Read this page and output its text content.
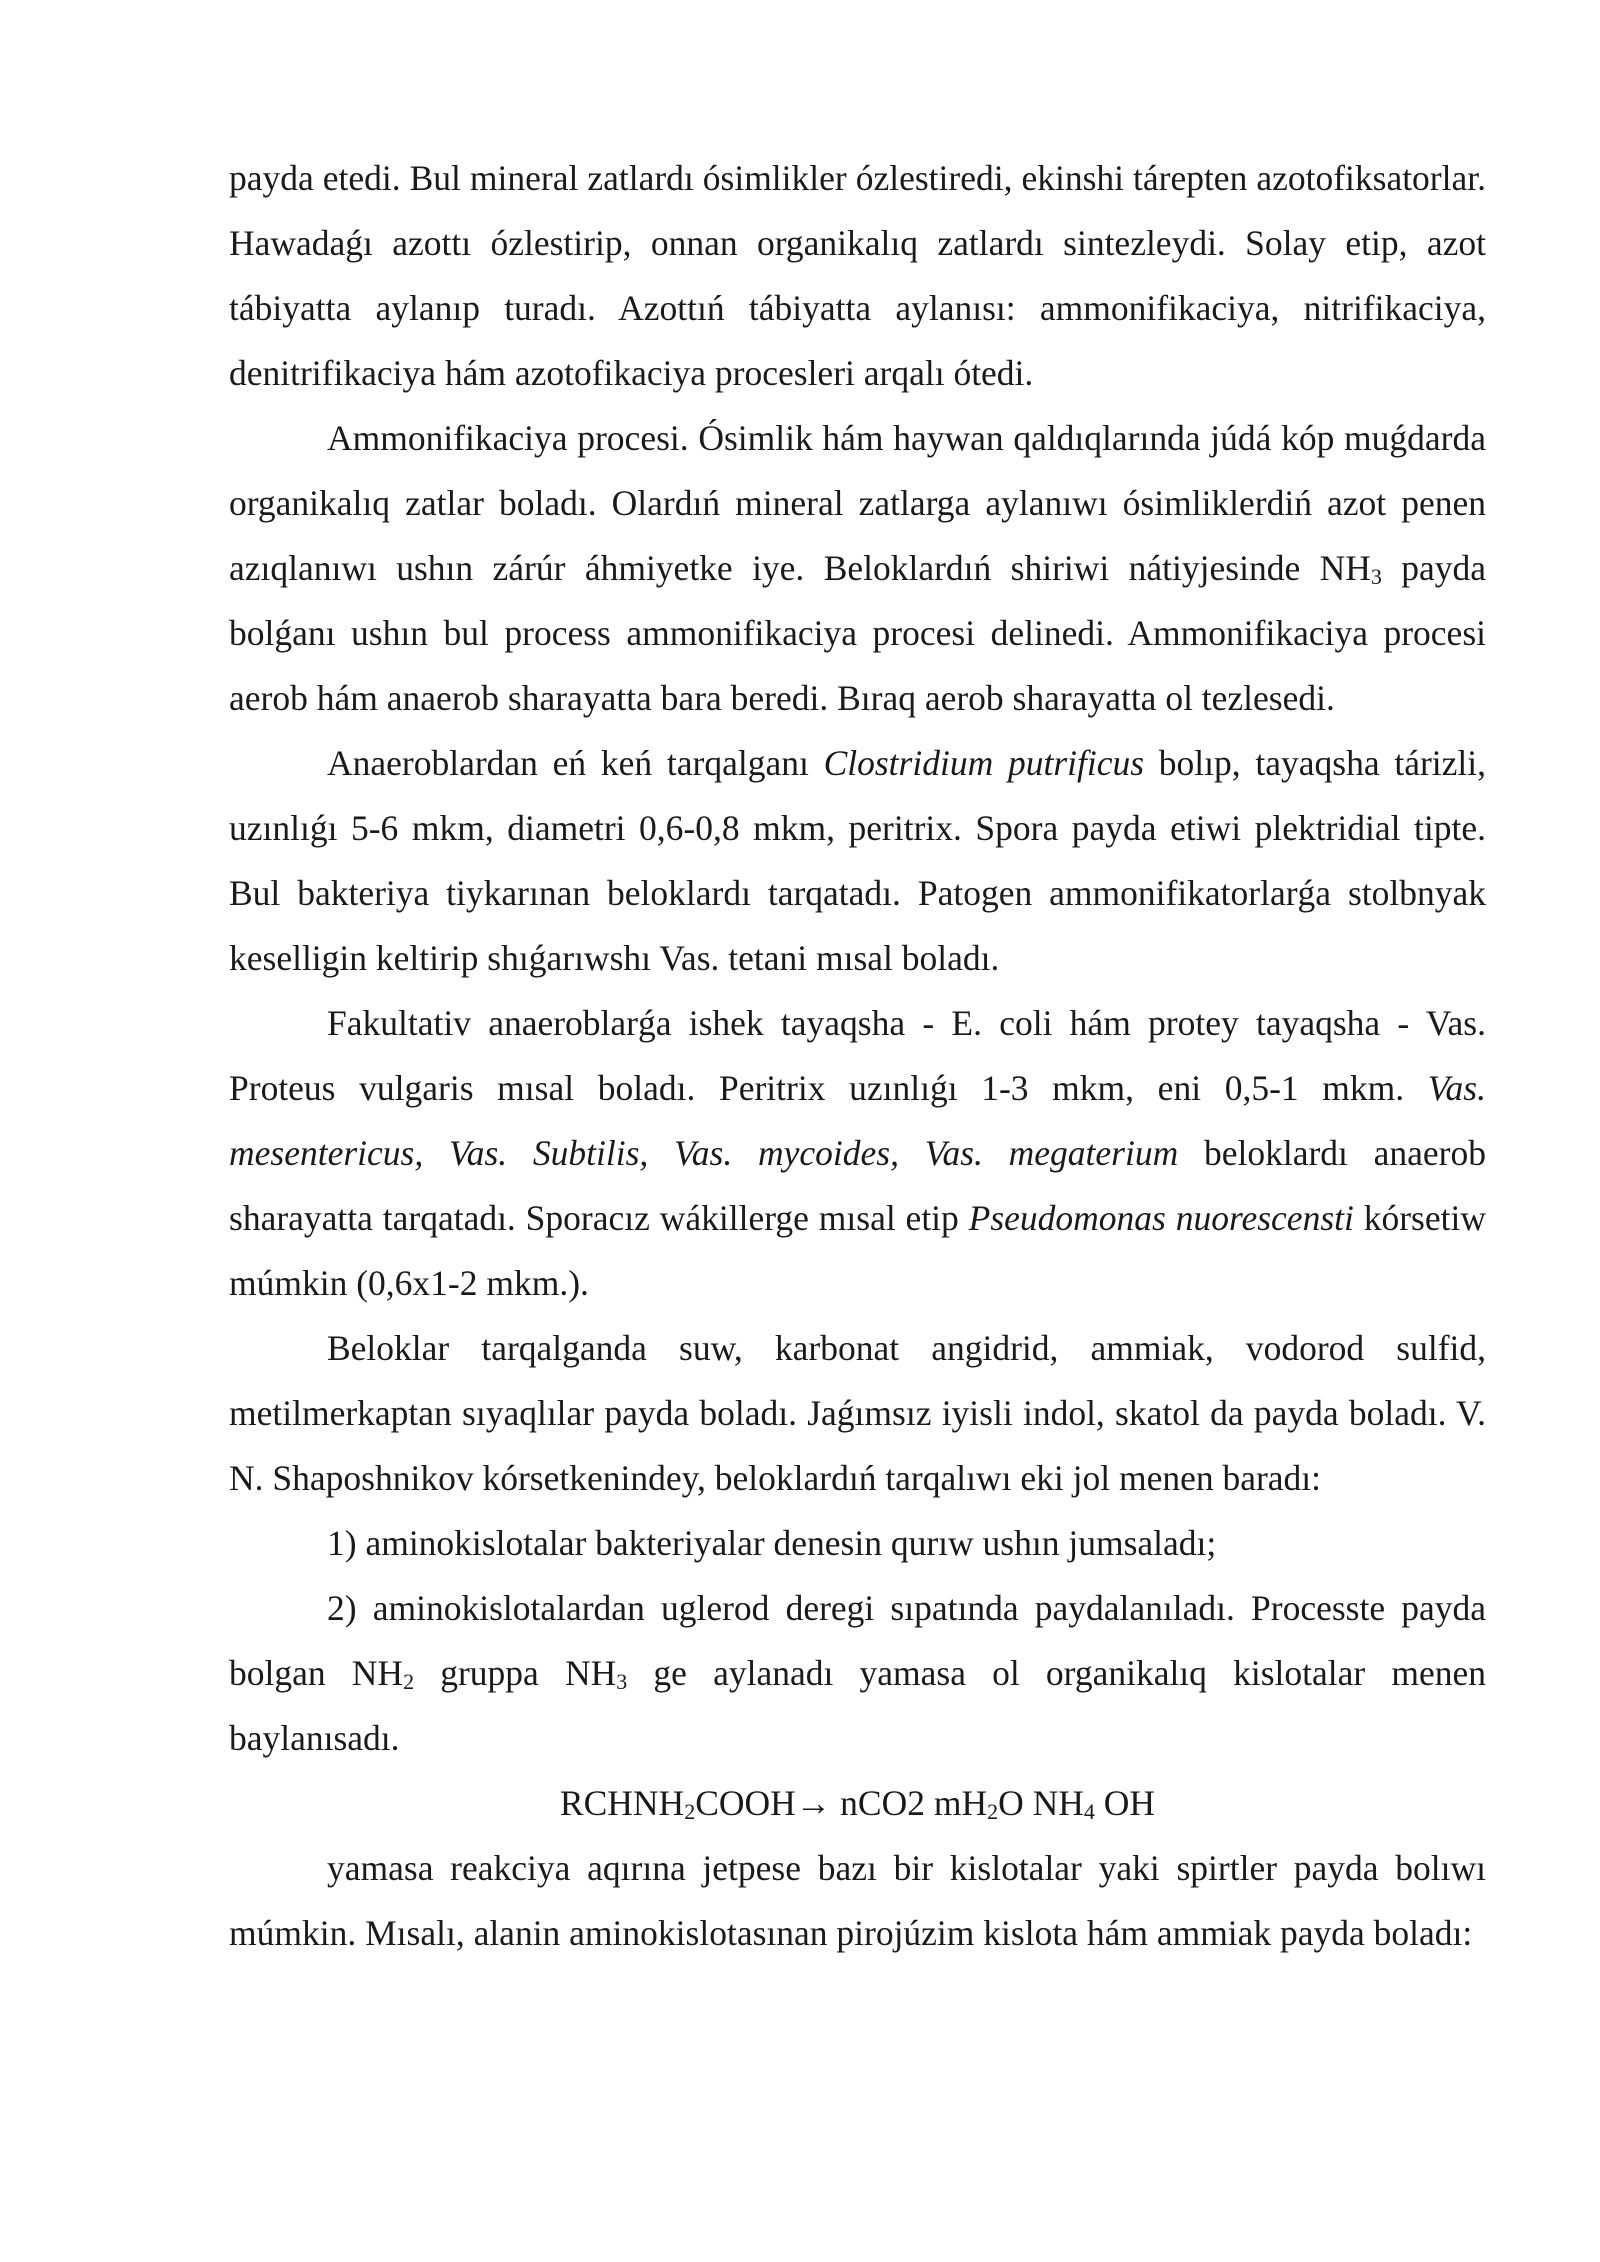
payda etedi. Bul mineral zatlardı ósimlikler ózlestiredi, ekinshi tárepten azotofiksatorlar. Hawadaǵı azottı ózlestirip, onnan organikalıq zatlardı sintezleydi. Solay etip, azot tábiyatta aylanıp turadı. Azottıń tábiyatta aylanısı: ammonifikaciya, nitrifikaciya, denitrifikaciya hám azotofikaciya procesleri arqalı ótedi.

Ammonifikaciya procesi. Ósimlik hám haywan qaldıqlarında júdá kóp muǵdarda organikalıq zatlar boladı. Olardıń mineral zatlarga aylanıwı ósimliklerdiń azot penen azıqlanıwı ushın zárúr áhmiyetke iye. Beloklardıń shiriwi nátiyjesinde $NH_3$ payda bolǵanı ushın bul process ammonifikaciya procesi delinedi. Ammonifikaciya procesi aerob hám anaerob sharayatta bara beredi. Bıraq aerob sharayatta ol tezlesedi.

Anaeroblardan eń keń tarqalganı Clostridium putrificus bolıp, tayaqsha tárizli, uzınlıǵı 5-6 mkm, diametri 0,6-0,8 mkm, peritrix. Spora payda etiwi plektridial tipte. Bul bakteriya tiykarınan beloklardı tarqatadı. Patogen ammonifikatorlarǵa stolbnyak keselligin keltirip shıǵarıwshı Vas. tetani mısal boladı.

Fakultativ anaeroblarǵa ishek tayaqsha - E. coli hám protey tayaqsha - Vas. Proteus vulgaris mısal boladı. Peritrix uzınlıǵı 1-3 mkm, eni 0,5-1 mkm. Vas. mesentericus, Vas. Subtilis, Vas. mycoides, Vas. megaterium beloklardı anaerob sharayatta tarqatadı. Sporacız wákillerge mısal etip Pseudomonas nuorescensti kórsetiw múmkin (0,6x1-2 mkm.).

Beloklar tarqalganda suw, karbonat angidrid, ammiak, vodorod sulfid, metilmerkaptan sıyaqlılar payda boladı. Jaǵımsız iyisli indol, skatol da payda boladı. V. N. Shaposhnikov kórsetkenindey, beloklardıń tarqalıwı eki jol menen baradı:

1) aminokislotalar bakteriyalar denesin qurıw ushın jumsaladı;

2) aminokislotalardan uglerod deregi sıpatında paydalanıladı. Processte payda bolgan $NH_2$ gruppa $NH_3$ ge aylanadı yamasa ol organikalıq kislotalar menen baylanısadı.

$RCHNH_2COOH\to nCO2$ $mH_2O$ $NH_4$ OH

yamasa reakciya aqırına jetpese bazı bir kislotalar yaki spirtler payda bolıwı múmkin. Mısalı, alanin aminokislotasınan pirojúzim kislota hám ammiak payda boladı:
